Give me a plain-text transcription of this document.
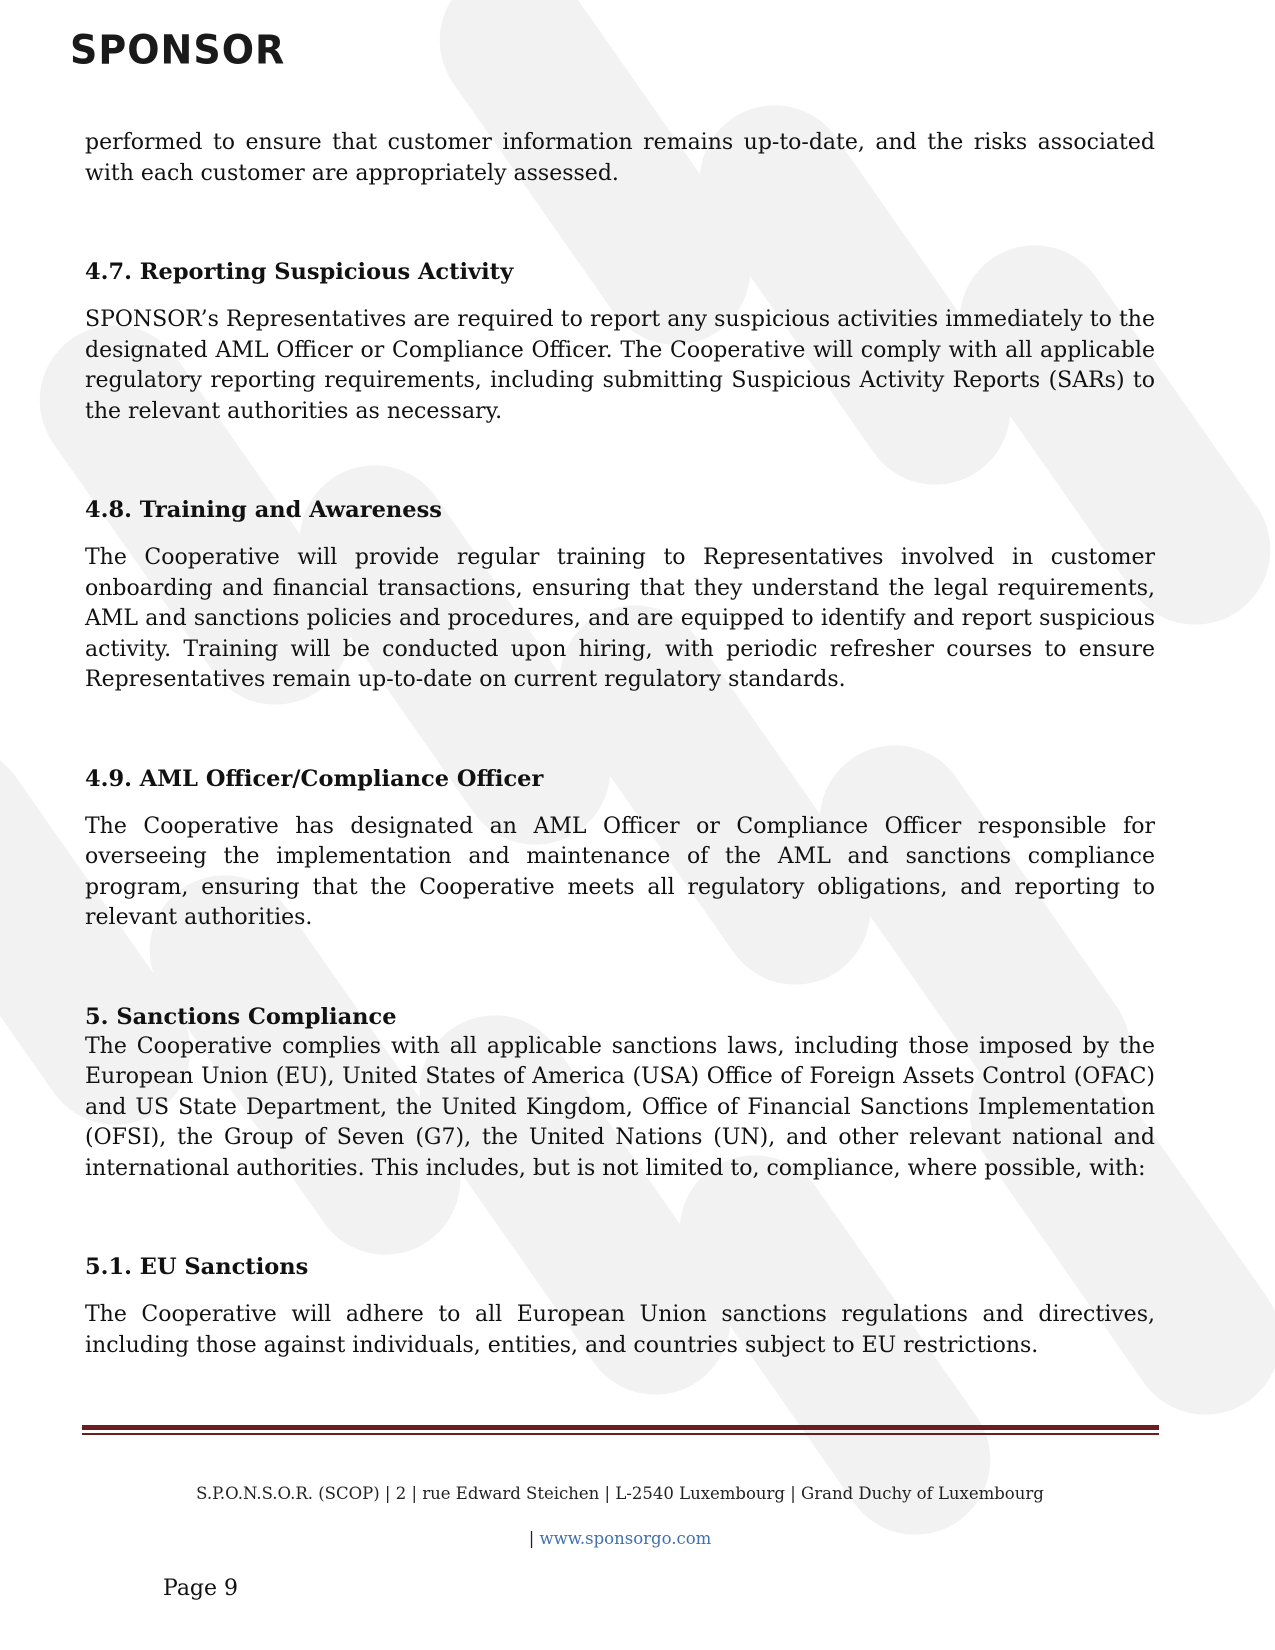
SPONSOR

performed to ensure that customer information remains up-to-date, and the risks associated with each customer are appropriately assessed.

4.7. Reporting Suspicious Activity

SPONSOR’s Representatives are required to report any suspicious activities immediately to the designated AML Officer or Compliance Officer. The Cooperative will comply with all applicable regulatory reporting requirements, including submitting Suspicious Activity Reports (SARs) to the relevant authorities as necessary.

4.8. Training and Awareness

The Cooperative will provide regular training to Representatives involved in customer onboarding and financial transactions, ensuring that they understand the legal requirements, AML and sanctions policies and procedures, and are equipped to identify and report suspicious activity. Training will be conducted upon hiring, with periodic refresher courses to ensure Representatives remain up-to-date on current regulatory standards.

4.9. AML Officer/Compliance Officer

The Cooperative has designated an AML Officer or Compliance Officer responsible for overseeing the implementation and maintenance of the AML and sanctions compliance program, ensuring that the Cooperative meets all regulatory obligations, and reporting to relevant authorities.

5. Sanctions Compliance

The Cooperative complies with all applicable sanctions laws, including those imposed by the European Union (EU), United States of America (USA) Office of Foreign Assets Control (OFAC) and US State Department, the United Kingdom, Office of Financial Sanctions Implementation (OFSI), the Group of Seven (G7), the United Nations (UN), and other relevant national and international authorities. This includes, but is not limited to, compliance, where possible, with:

5.1. EU Sanctions

The Cooperative will adhere to all European Union sanctions regulations and directives, including those against individuals, entities, and countries subject to EU restrictions.

S.P.O.N.S.O.R. (SCOP) | 2 | rue Edward Steichen | L-2540 Luxembourg | Grand Duchy of Luxembourg
| www.sponsorgo.com
Page 9
